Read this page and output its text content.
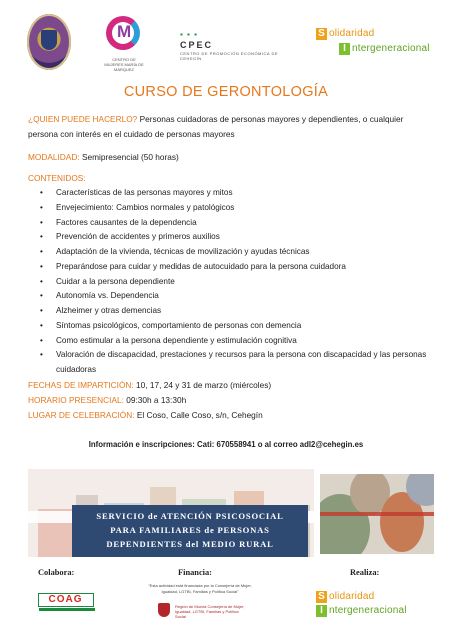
M
CENTRO DE MUJERES MARÍA DE MÁRQUEZ
▪ ▪ ▪
CPEC
CENTRO DE PROMOCIÓN ECONÓMICA DE CEHEGÍN
S olidaridad
I ntergeneracional
CURSO DE GERONTOLOGÍA
¿QUIEN PUEDE HACERLO? Personas cuidadoras de personas mayores y dependientes, o cualquier
persona con interés en el cuidado de personas mayores
MODALIDAD: Semipresencial (50 horas)
CONTENIDOS:
• Características de las personas mayores y mitos
• Envejecimiento: Cambios normales y patológicos
• Factores causantes de la dependencia
• Prevención de accidentes y primeros auxilios
• Adaptación de la vivienda, técnicas de movilización y ayudas técnicas
• Preparándose para cuidar y medidas de autocuidado para la persona cuidadora
• Cuidar a la persona dependiente
• Autonomía vs. Dependencia
• Alzheimer y otras demencias
• Síntomas psicológicos, comportamiento de personas con demencia
• Como estimular a la persona dependiente y estimulación cognitiva
• Valoración de discapacidad, prestaciones y recursos para la persona con discapacidad y las personas cuidadoras
FECHAS DE IMPARTICIÓN: 10, 17, 24 y 31 de marzo (miércoles)
HORARIO PRESENCIAL: 09:30h a 13:30h
LUGAR DE CELEBRACIÓN: El Coso, Calle Coso, s/n, Cehegín
Información e inscripciones: Cati: 670558941 o al correo adl2@cehegin.es
SERVICIO de ATENCIÓN PSICOSOCIAL
PARA FAMILIARES de PERSONAS
DEPENDIENTES del MEDIO RURAL
Colabora:
COAG
Financia:
"Esta actividad está financiada por la Consejería de Mujer, Igualdad, LGTBI, Familias y Política Social"
Región de Murcia Consejería de Mujer, Igualdad, LGTBI, Familias y Política Social
Realiza:
S olidaridad
I ntergeneracional
